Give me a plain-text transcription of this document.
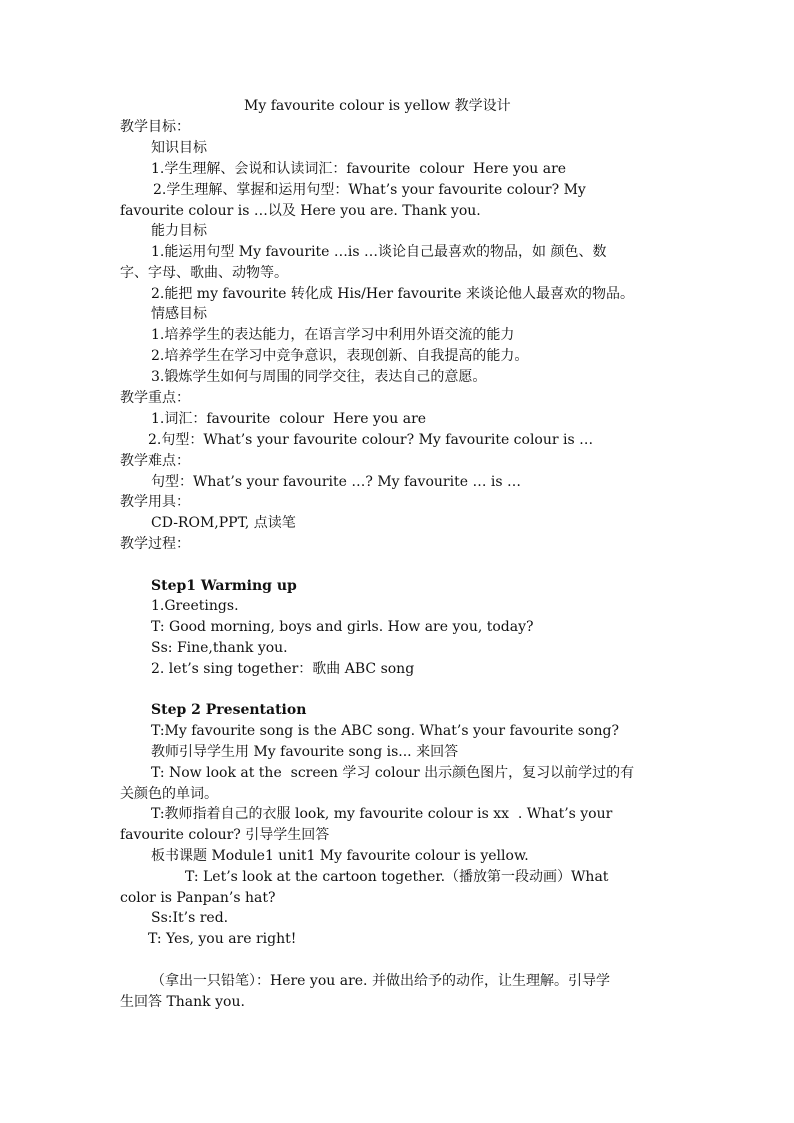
My favourite colour is yellow 教学设计
教学目标：
知识目标
1.学生理解、会说和认读词汇：favourite  colour  Here you are
2.学生理解、掌握和运用句型：What’s your favourite colour? My
favourite colour is …以及 Here you are. Thank you.
能力目标
1.能运用句型 My favourite …is …谈论自己最喜欢的物品，如 颜色、数
字、字母、歌曲、动物等。
2.能把 my favourite 转化成 His/Her favourite 来谈论他人最喜欢的物品。
情感目标
1.培养学生的表达能力，在语言学习中利用外语交流的能力
2.培养学生在学习中竞争意识，表现创新、自我提高的能力。
3.锻炼学生如何与周围的同学交往，表达自己的意愿。
教学重点：
1.词汇：favourite  colour  Here you are
2.句型：What’s your favourite colour? My favourite colour is …
教学难点：
句型：What’s your favourite …? My favourite … is …
教学用具：
CD-ROM,PPT, 点读笔
教学过程：
Step1 Warming up
1.Greetings.
T: Good morning, boys and girls. How are you, today?
Ss: Fine,thank you.
2. let’s sing together：歌曲 ABC song
Step 2 Presentation
T:My favourite song is the ABC song. What’s your favourite song?
教师引导学生用 My favourite song is... 来回答
T: Now look at the  screen 学习 colour 出示颜色图片，复习以前学过的有
关颜色的单词。
T:教师指着自己的衣服 look, my favourite colour is xx  . What’s your
favourite colour? 引导学生回答
板书课题 Module1 unit1 My favourite colour is yellow.
T: Let’s look at the cartoon together.（播放第一段动画）What
color is Panpan’s hat?
Ss:It’s red.
T: Yes, you are right!
（拿出一只铅笔）：Here you are. 并做出给予的动作，让生理解。引导学
生回答 Thank you.
